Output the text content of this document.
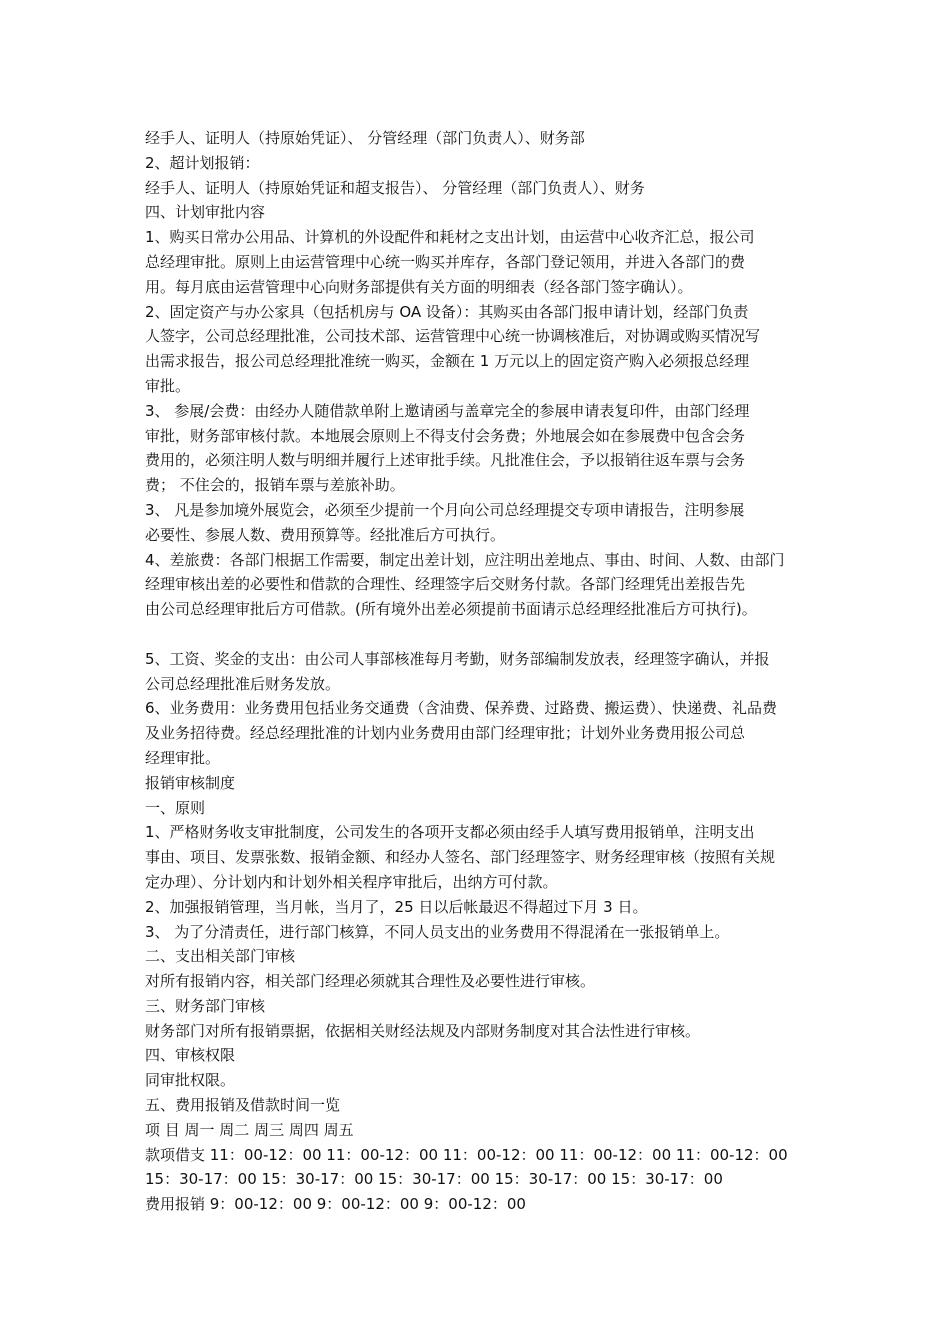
经手人、证明人（持原始凭证）、 分管经理（部门负责人）、财务部
2、超计划报销：
经手人、证明人（持原始凭证和超支报告）、 分管经理（部门负责人）、财务
四、计划审批内容
1、购买日常办公用品、计算机的外设配件和耗材之支出计划，由运营中心收齐汇总，报公司
总经理审批。原则上由运营管理中心统一购买并库存，各部门登记领用，并进入各部门的费
用。每月底由运营管理中心向财务部提供有关方面的明细表（经各部门签字确认）。
2、固定资产与办公家具（包括机房与 OA 设备）：其购买由各部门报申请计划，经部门负责
人签字，公司总经理批准，公司技术部、运营管理中心统一协调核准后，对协调或购买情况写
出需求报告，报公司总经理批准统一购买，金额在 1 万元以上的固定资产购入必须报总经理
审批。
3、 参展/会费：由经办人随借款单附上邀请函与盖章完全的参展申请表复印件，由部门经理
审批，财务部审核付款。本地展会原则上不得支付会务费；外地展会如在参展费中包含会务
费用的，必须注明人数与明细并履行上述审批手续。凡批准住会，予以报销往返车票与会务
费； 不住会的，报销车票与差旅补助。
3、 凡是参加境外展览会，必须至少提前一个月向公司总经理提交专项申请报告，注明参展
必要性、参展人数、费用预算等。经批准后方可执行。
4、差旅费：各部门根据工作需要，制定出差计划，应注明出差地点、事由、时间、人数、由部门
经理审核出差的必要性和借款的合理性、经理签字后交财务付款。各部门经理凭出差报告先
由公司总经理审批后方可借款。(所有境外出差必须提前书面请示总经理经批准后方可执行)。
5、工资、奖金的支出：由公司人事部核准每月考勤，财务部编制发放表，经理签字确认，并报
公司总经理批准后财务发放。
6、业务费用：业务费用包括业务交通费（含油费、保养费、过路费、搬运费）、快递费、礼品费
及业务招待费。经总经理批准的计划内业务费用由部门经理审批；计划外业务费用报公司总
经理审批。
报销审核制度
一、原则
1、严格财务收支审批制度，公司发生的各项开支都必须由经手人填写费用报销单，注明支出
事由、项目、发票张数、报销金额、和经办人签名、部门经理签字、财务经理审核（按照有关规
定办理）、分计划内和计划外相关程序审批后，出纳方可付款。
2、加强报销管理，当月帐，当月了，25 日以后帐最迟不得超过下月 3 日。
3、 为了分清责任，进行部门核算，不同人员支出的业务费用不得混淆在一张报销单上。
二、支出相关部门审核
对所有报销内容，相关部门经理必须就其合理性及必要性进行审核。
三、财务部门审核
财务部门对所有报销票据，依据相关财经法规及内部财务制度对其合法性进行审核。
四、审核权限
同审批权限。
五、费用报销及借款时间一览
项 目 周一 周二 周三 周四 周五
款项借支 11：00-12：00 11：00-12：00 11：00-12：00 11：00-12：00 11：00-12：00
15：30-17：00 15：30-17：00 15：30-17：00 15：30-17：00 15：30-17：00
费用报销 9：00-12：00 9：00-12：00 9：00-12：00
